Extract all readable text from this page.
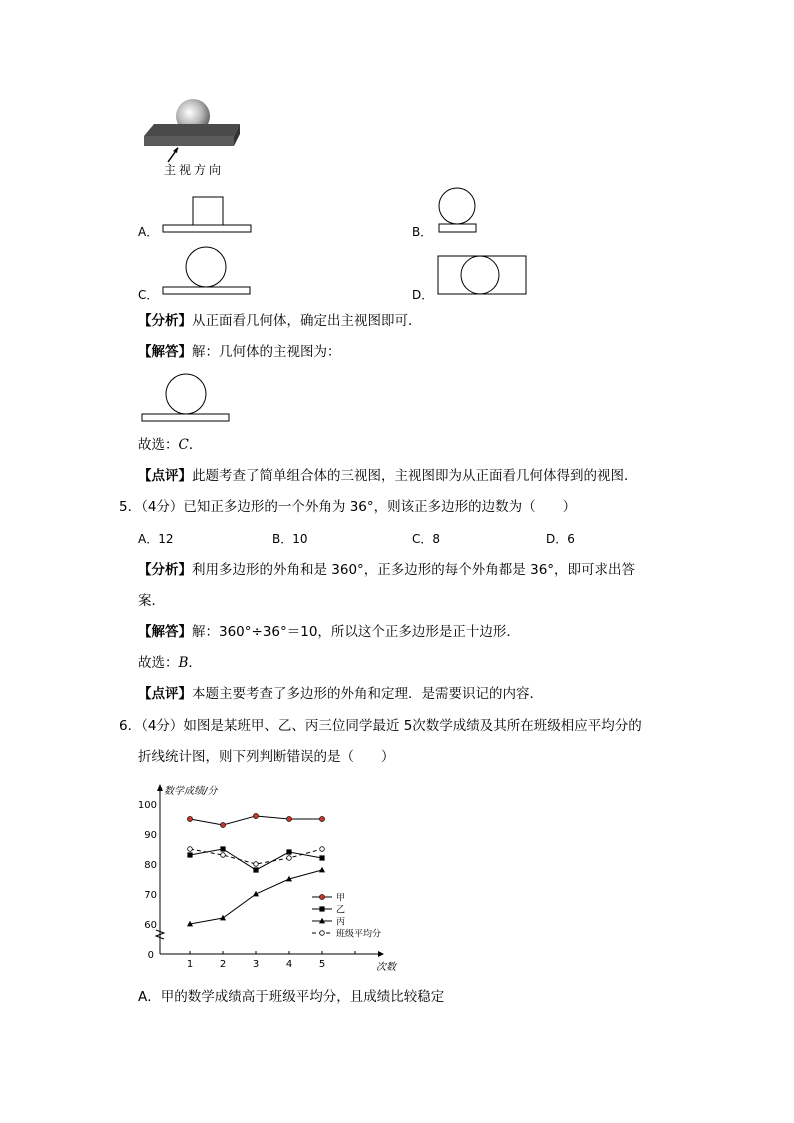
主视方向
A．	B．
C．	D．
【分析】从正面看几何体，确定出主视图即可．
【解答】解：几何体的主视图为：
故选：C．
【点评】此题考查了简单组合体的三视图，主视图即为从正面看几何体得到的视图．
5．（4分）已知正多边形的一个外角为 36°，则该正多边形的边数为（　　）
A．12	B．10	C．8	D．6
【分析】利用多边形的外角和是 360°，正多边形的每个外角都是 36°，即可求出答
案．
【解答】解：360°÷36°＝10，所以这个正多边形是正十边形．
故选：B．
【点评】本题主要考查了多边形的外角和定理．是需要识记的内容．
6．（4分）如图是某班甲、乙、丙三位同学最近 5次数学成绩及其所在班级相应平均分的
折线统计图，则下列判断错误的是（　　）
数学成绩/分
次数
0
60
70
80
90
100
1	2	3	4	5
甲
乙
丙
班级平均分
A．甲的数学成绩高于班级平均分，且成绩比较稳定
